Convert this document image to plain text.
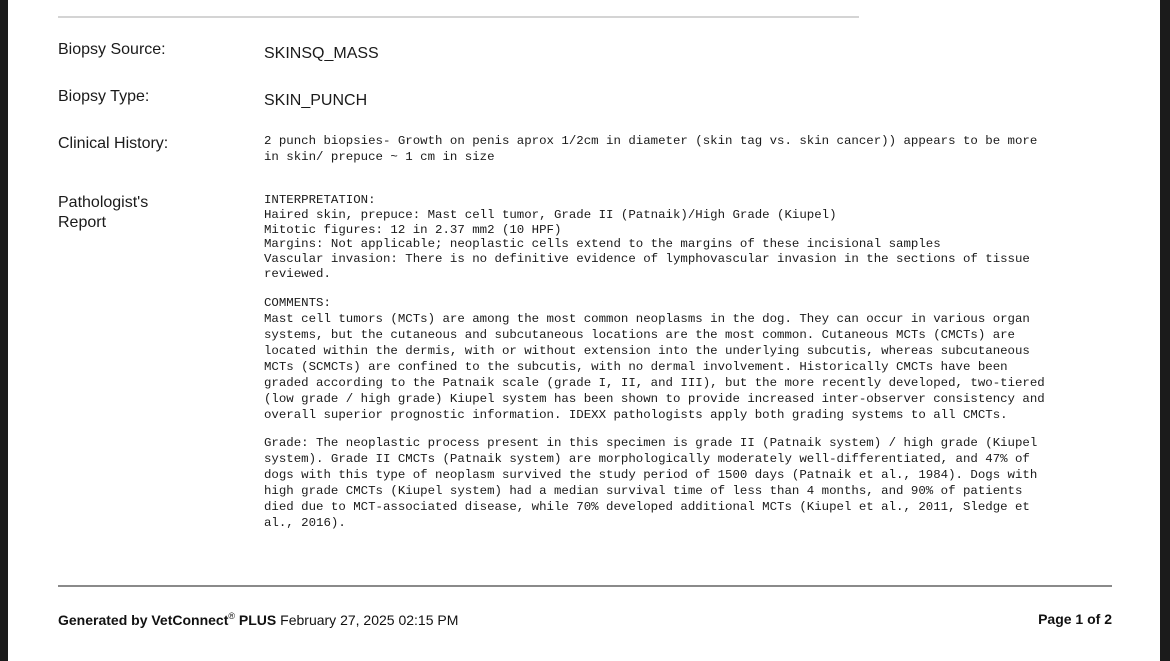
Biopsy Source:	SKINSQ_MASS
Biopsy Type:	SKIN_PUNCH
Clinical History:	2 punch biopsies- Growth on penis aprox 1/2cm in diameter (skin tag vs. skin cancer)) appears to be more
in skin/ prepuce ~ 1 cm in size
Pathologist's
Report
INTERPRETATION:
Haired skin, prepuce: Mast cell tumor, Grade II (Patnaik)/High Grade (Kiupel)
Mitotic figures: 12 in 2.37 mm2 (10 HPF)
Margins: Not applicable; neoplastic cells extend to the margins of these incisional samples
Vascular invasion: There is no definitive evidence of lymphovascular invasion in the sections of tissue
reviewed.
COMMENTS:
Mast cell tumors (MCTs) are among the most common neoplasms in the dog. They can occur in various organ
systems, but the cutaneous and subcutaneous locations are the most common. Cutaneous MCTs (CMCTs) are
located within the dermis, with or without extension into the underlying subcutis, whereas subcutaneous
MCTs (SCMCTs) are confined to the subcutis, with no dermal involvement. Historically CMCTs have been
graded according to the Patnaik scale (grade I, II, and III), but the more recently developed, two-tiered
(low grade / high grade) Kiupel system has been shown to provide increased inter-observer consistency and
overall superior prognostic information. IDEXX pathologists apply both grading systems to all CMCTs.
Grade: The neoplastic process present in this specimen is grade II (Patnaik system) / high grade (Kiupel
system). Grade II CMCTs (Patnaik system) are morphologically moderately well-differentiated, and 47% of
dogs with this type of neoplasm survived the study period of 1500 days (Patnaik et al., 1984). Dogs with
high grade CMCTs (Kiupel system) had a median survival time of less than 4 months, and 90% of patients
died due to MCT-associated disease, while 70% developed additional MCTs (Kiupel et al., 2011, Sledge et
al., 2016).
Generated by VetConnect® PLUS February 27, 2025 02:15 PM	Page 1 of 2
